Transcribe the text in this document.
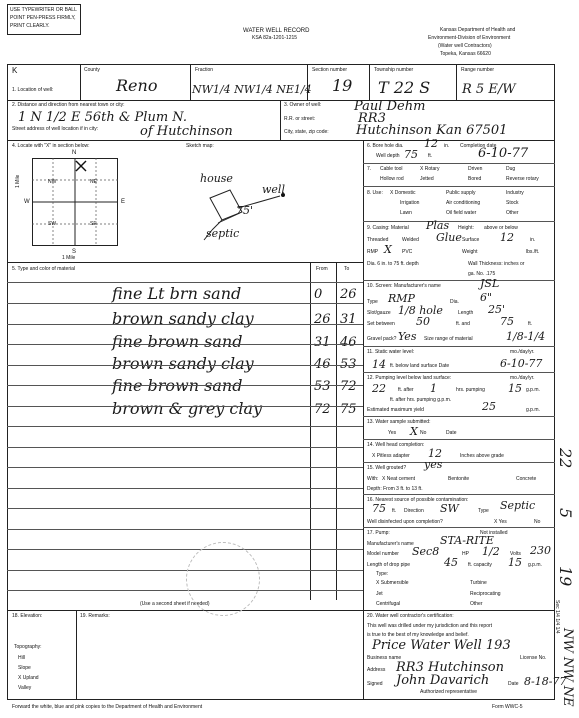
USE TYPEWRITER OR BALL
POINT PEN-PRESS FIRMLY,
PRINT CLEARLY.
WATER WELL RECORD
KSA 82a-1201-1215
Kansas Department of Health and
Environment-Division of Environment
(Water well Contractors)
Topeka, Kansas 66620
K
1. Location of well:
County
Reno
Fraction
NW1/4 NW1/4 NE1/4
Section number
19
Township number
T 22 S
Range number
R 5 E/W
2. Distance and direction from nearest town or city:
1 N 1/2 E 56th & Plum N.
Street address of well location if in city:	of Hutchinson
3. Owner of well:	Paul Dehm
R.R. or street:	RR3
City, state, zip code: Hutchinson Kan 67501
4. Locate with "X" in section below:	Sketch map:
N
S
E
W
NW	NE
SW	SE
1 Mile
1 Mile	house
well
75'
septic
5. Type and color of material	From	To
fine Lt brn sand	0 26
brown sandy clay	26 31
fine brown sand	31 46
brown sandy clay	46 53
fine brown sand	53 72
brown & grey clay	72 75
(Use a second sheet if needed)
6. Bore hole dia. 12 in. Completion date
Well depth 75 ft.	6-10-77
Cable tool	X Rotary	Driven	Dug
Hollow rod	Jetted	Bored	Reverse rotary
7.
X Domestic	Public supply	Industry
Irrigation	Air conditioning	Stock
Lawn	Oil field water	Other
8. Use:
9. Casing: Material Plas Height: above or below
Threaded	Welded Glue Surface 12	in.
RMP X PVC	Weight	lbs./ft.
Dia. 6 in. to 75 ft. depth	Wall Thickness: inches or
ga. No. .175
10. Screen: Manufacturer's name	JSL
Type RMP	Dia. 6"
Slot/gauze 1/8 hole	Length 25'
Set between 50	ft. and	75	ft.
Gravel pack? Yes Size range of material	1/8-1/4
11. Static water level:	mo./day/yr.
14 ft. below land surface Date	6-10-77
12. Pumping level below land surface:	mo./day/yr.
22 ft. after 1	hrs. pumping 15 g.p.m.
ft. after hrs. pumping g.p.m.
Estimated maximum yield	25	g.p.m.
13. Water sample submitted:
Yes X No	Date
14. Well head completion:
X Pitless adapter 12	Inches above grade
15. Well grouted? yes
With: X Neat cement	Bentonite	Concrete
Depth: From 3 ft. to 13 ft.
16. Nearest source of possible contamination:
75 ft. Direction SW	Type Septic
Well disinfected upon completion?	X Yes	No
17. Pump:	Not installed
Manufacturer's name STA-RITE
Model number Sec8	HP 1/2 Volts 230
Length of drop pipe	45 ft. capacity 15 g.p.m.
Type:
X Submersible	Turbine
Jet	Reciprocating
Centrifugal	Other
18. Elevation:
Topography:
Hill
Slope
X Upland
Valley
19. Remarks:	20. Water well contractor's certification:
This well was drilled under my jurisdiction and this report
is true to the best of my knowledge and belief.
Price Water Well 193
Business name	License No.
Address RR3 Hutchinson
Signed John Davarich	Date 8-18-77
Authorized representative
22
5
19
NW NW NE
Sec 1/4 1/4 1/4
Forward the white, blue and pink copies to the Department of Health and Environment	Form WWC-5
